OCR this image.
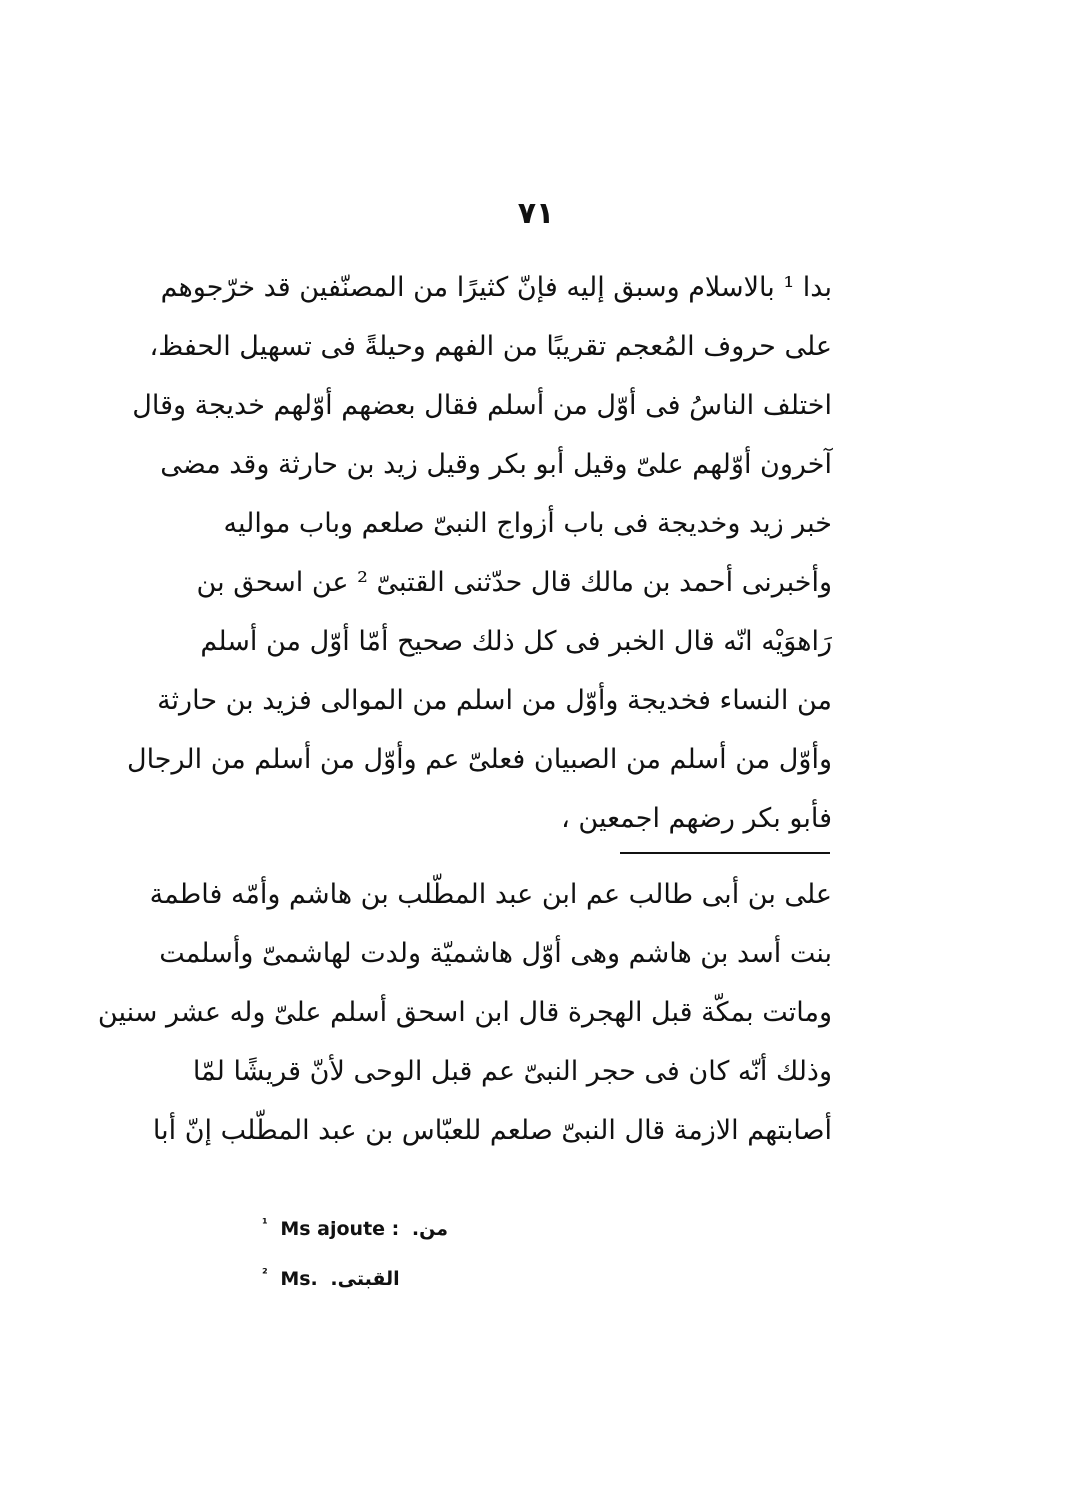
٧١
بدا ¹ بالاسلام وسبق إليه فإنّ كثيرًا من المصنّفين قد خرّجوهم
على حروف المُعجم تقريبًا من الفهم وحيلةً فى تسهيل الحفظ،
اختلف الناسُ فى أوّل من أسلم فقال بعضهم أوّلهم خديجة وقال
آخرون أوّلهم علىّ وقيل أبو بكر وقيل زيد بن حارثة وقد مضى
خبر زيد وخديجة فى باب أزواج النبىّ صلعم وباب مواليه
وأخبرنى أحمد بن مالك قال حدّثنى القتبىّ ² عن اسحق بن
رَاهوَيْه انّه قال الخبر فى كل ذلك صحيح أمّا أوّل من أسلم
من النساء فخديجة وأوّل من اسلم من الموالى فزيد بن حارثة
وأوّل من أسلم من الصبيان فعلىّ عم وأوّل من أسلم من الرجال
فأبو بكر رضهم اجمعين ،
على بن أبى طالب عم ابن عبد المطّلب بن هاشم وأمّه فاطمة
بنت أسد بن هاشم وهى أوّل هاشميّة ولدت لهاشمىّ وأسلمت
وماتت بمكّة قبل الهجرة قال ابن اسحق أسلم علىّ وله عشر سنين
وذلك أنّه كان فى حجر النبىّ عم قبل الوحى لأنّ قريشًا لمّا
أصابتهم الازمة قال النبىّ صلعم للعبّاس بن عبد المطّلب إنّ أبا
$^{^1}$ Ms ajoute : من.
$^{^2}$ Ms. القبتى.
